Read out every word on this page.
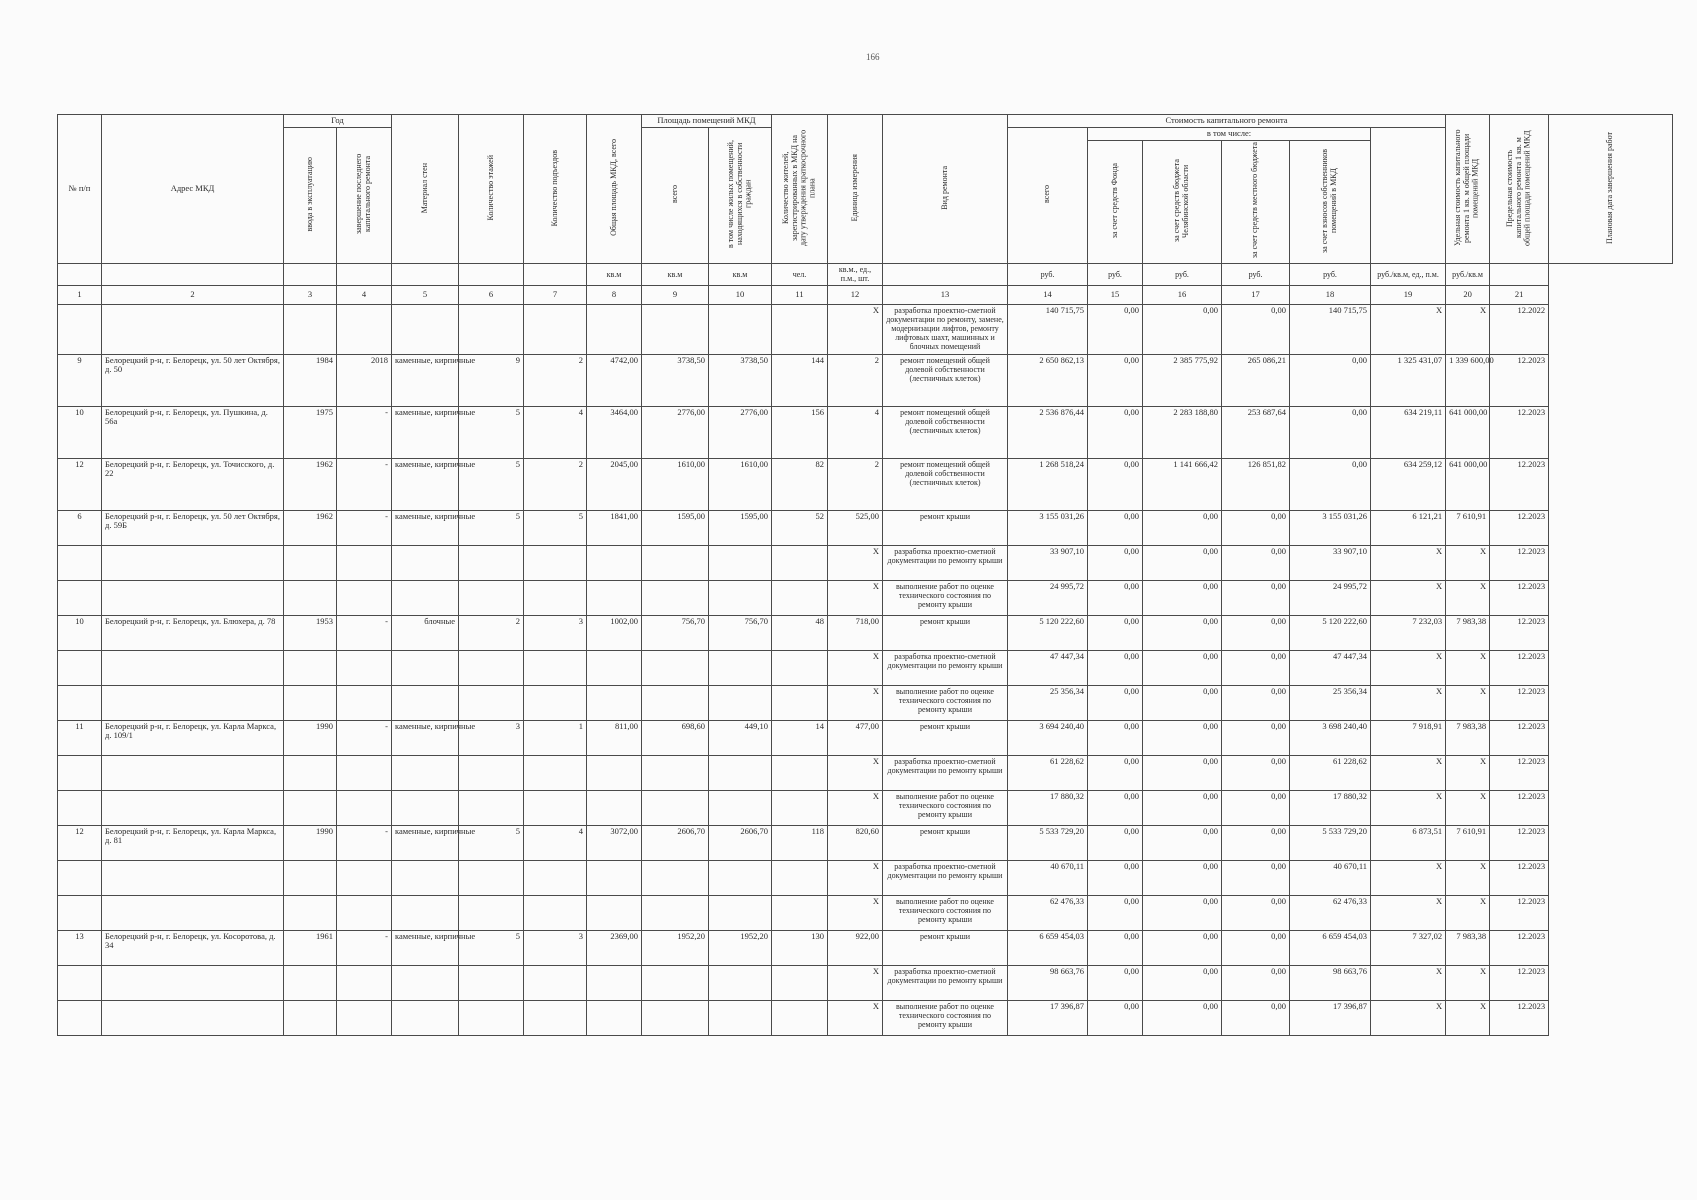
166
№ п/п	Адрес МКД	Год		Материал стен	Количество этажей	Количество подъездов	Общая площадь МКД, всего	Площадь помещений МКД		Количество жителей, зарегистрированных в МКД на дату утверждения краткосрочного плана	Единица измерения	Вид ремонта	Стоимость капитального ремонта						Удельная стоимость капитального ремонта 1 кв. м общей площади помещений МКД	Предельная стоимость капитального ремонта 1 кв. м общей площади помещений МКД	Плановая дата завершения работ
		ввода в эксплуатацию	завершение последнего капитального ремонта					всего	в том числе жилых помещений, находящихся в собственности граждан				всего	в том числе:							
														за счет средств Фонда	за счет средств бюджета Челябинской области	за счет средств местного бюджета	за счет взносов собственников помещений в МКД				
							кв.м	кв.м	кв.м	чел.	кв.м., ед., п.м., шт.		руб.	руб.	руб.	руб.	руб.	руб./кв.м, ед., п.м.	руб./кв.м		
1	2	3	4	5	6	7	8	9	10	11	12	13	14	15	16	17	18	19	20	21	
											X	разработка проектно-сметной документации по ремонту, замене, модернизации лифтов, ремонту лифтовых шахт, машинных и блочных помещений	140 715,75	0,00	0,00	0,00	140 715,75	X	X	12.2022	
9	Белорецкий р-н, г. Белорецк, ул. 50 лет Октября, д. 50	1984	2018	каменные, кирпичные	9	2	4742,00	3738,50	3738,50	144	2	ремонт помещений общей долевой собственности (лестничных клеток)	2 650 862,13	0,00	2 385 775,92	265 086,21	0,00	1 325 431,07	1 339 600,00	12.2023	
10	Белорецкий р-н, г. Белорецк, ул. Пушкина, д. 56а	1975	-	каменные, кирпичные	5	4	3464,00	2776,00	2776,00	156	4	ремонт помещений общей долевой собственности (лестничных клеток)	2 536 876,44	0,00	2 283 188,80	253 687,64	0,00	634 219,11	641 000,00	12.2023	
12	Белорецкий р-н, г. Белорецк, ул. Точисского, д. 22	1962	-	каменные, кирпичные	5	2	2045,00	1610,00	1610,00	82	2	ремонт помещений общей долевой собственности (лестничных клеток)	1 268 518,24	0,00	1 141 666,42	126 851,82	0,00	634 259,12	641 000,00	12.2023	
6	Белорецкий р-н, г. Белорецк, ул. 50 лет Октября, д. 59Б	1962	-	каменные, кирпичные	5	5	1841,00	1595,00	1595,00	52	525,00	ремонт крыши	3 155 031,26	0,00	0,00	0,00	3 155 031,26	6 121,21	7 610,91	12.2023	
											X	разработка проектно-сметной документации по ремонту крыши	33 907,10	0,00	0,00	0,00	33 907,10	X	X	12.2023	
											X	выполнение работ по оценке технического состояния по ремонту крыши	24 995,72	0,00	0,00	0,00	24 995,72	X	X	12.2023	
10	Белорецкий р-н, г. Белорецк, ул. Блюхера, д. 78	1953	-	блочные	2	3	1002,00	756,70	756,70	48	718,00	ремонт крыши	5 120 222,60	0,00	0,00	0,00	5 120 222,60	7 232,03	7 983,38	12.2023	
											X	разработка проектно-сметной документации по ремонту крыши	47 447,34	0,00	0,00	0,00	47 447,34	X	X	12.2023	
											X	выполнение работ по оценке технического состояния по ремонту крыши	25 356,34	0,00	0,00	0,00	25 356,34	X	X	12.2023	
11	Белорецкий р-н, г. Белорецк, ул. Карла Маркса, д. 109/1	1990	-	каменные, кирпичные	3	1	811,00	698,60	449,10	14	477,00	ремонт крыши	3 694 240,40	0,00	0,00	0,00	3 698 240,40	7 918,91	7 983,38	12.2023	
											X	разработка проектно-сметной документации по ремонту крыши	61 228,62	0,00	0,00	0,00	61 228,62	X	X	12.2023	
											X	выполнение работ по оценке технического состояния по ремонту крыши	17 880,32	0,00	0,00	0,00	17 880,32	X	X	12.2023	
12	Белорецкий р-н, г. Белорецк, ул. Карла Маркса, д. 81	1990	-	каменные, кирпичные	5	4	3072,00	2606,70	2606,70	118	820,60	ремонт крыши	5 533 729,20	0,00	0,00	0,00	5 533 729,20	6 873,51	7 610,91	12.2023	
											X	разработка проектно-сметной документации по ремонту крыши	40 670,11	0,00	0,00	0,00	40 670,11	X	X	12.2023	
											X	выполнение работ по оценке технического состояния по ремонту крыши	62 476,33	0,00	0,00	0,00	62 476,33	X	X	12.2023	
13	Белорецкий р-н, г. Белорецк, ул. Косоротова, д. 34	1961	-	каменные, кирпичные	5	3	2369,00	1952,20	1952,20	130	922,00	ремонт крыши	6 659 454,03	0,00	0,00	0,00	6 659 454,03	7 327,02	7 983,38	12.2023	
											X	разработка проектно-сметной документации по ремонту крыши	98 663,76	0,00	0,00	0,00	98 663,76	X	X	12.2023	
											X	выполнение работ по оценке технического состояния по ремонту крыши	17 396,87	0,00	0,00	0,00	17 396,87	X	X	12.2023	
